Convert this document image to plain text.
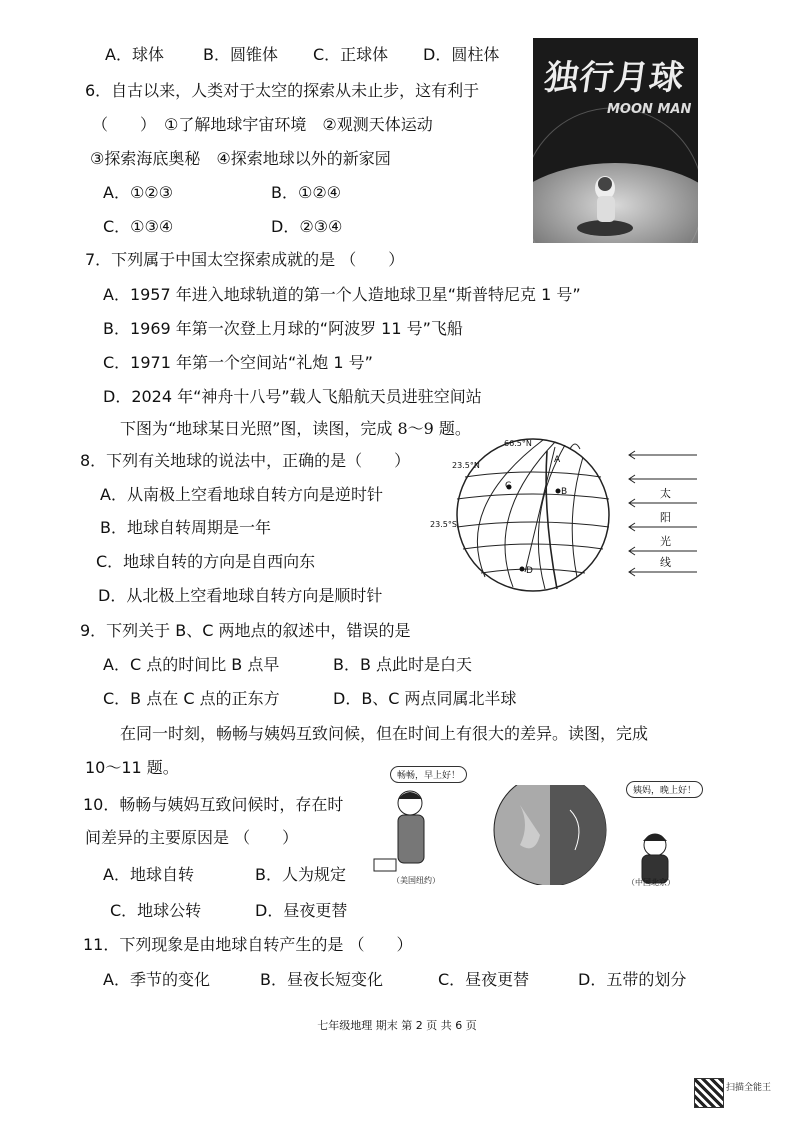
A．球体 B．圆锥体 C．正球体 D．圆柱体
6．自古以来，人类对于太空的探索从未止步，这有利于
（　　）　①了解地球宇宙环境　②观测天体运动
③探索海底奥秘　④探索地球以外的新家园
A．①②③	B．①②④
C．①③④	D．②③④
独行月球
MOON MAN
7．下列属于中国太空探索成就的是 （　　）
A．1957 年进入地球轨道的第一个人造地球卫星“斯普特尼克 1 号”
B．1969 年第一次登上月球的“阿波罗 11 号”飞船
C．1971 年第一个空间站“礼炮 1 号”
D．2024 年“神舟十八号”载人飞船航天员进驻空间站
下图为“地球某日光照”图，读图，完成 8～9 题。
66.5°N
23.5°N
23.5°S
A
B
C
D
太
阳
光
线
8．下列有关地球的说法中，正确的是（　　）
A．从南极上空看地球自转方向是逆时针
B．地球自转周期是一年
C．地球自转的方向是自西向东
D．从北极上空看地球自转方向是顺时针
9．下列关于 B、C 两地点的叙述中，错误的是
A．C 点的时间比 B 点早	B．B 点此时是白天
C．B 点在 C 点的正东方	D．B、C 两点同属北半球
在同一时刻，畅畅与姨妈互致问候，但在时间上有很大的差异。读图，完成
10～11 题。	畅畅，早上好！
姨妈，晚上好！
（美国纽约）	（中国北京）
10．畅畅与姨妈互致问候时，存在时
间差异的主要原因是 （　　）
A．地球自转	B．人为规定
C．地球公转	D．昼夜更替
11．下列现象是由地球自转产生的是 （　　）
A．季节的变化	B．昼夜长短变化	C．昼夜更替	D．五带的划分
七年级地理 期末 第 2 页 共 6 页
扫描全能王
